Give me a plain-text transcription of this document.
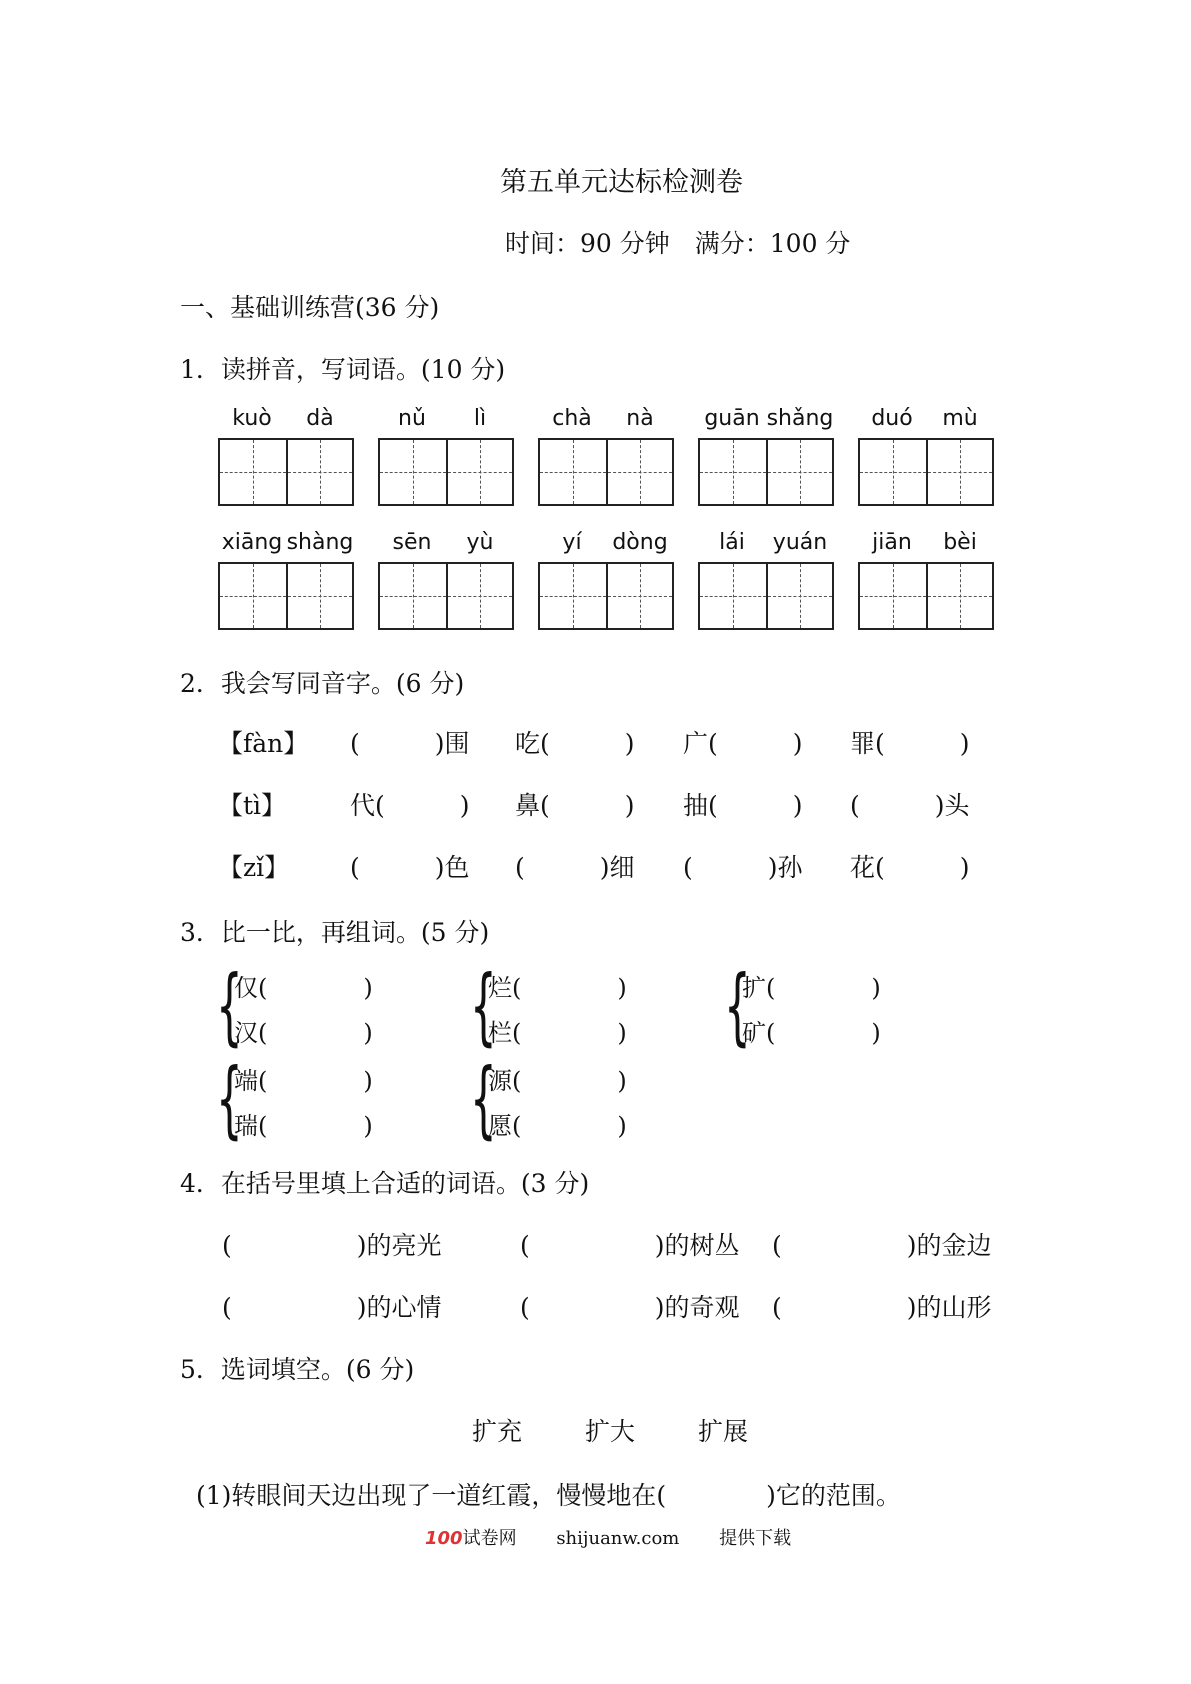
第五单元达标检测卷
时间：90 分钟　满分：100 分
一、基础训练营(36 分)
1．读拼音，写词语。(10 分)
kuò	dà	nǔ	lì	chà	nà	guān shǎng	duó	mù
xiāng shàng	sēn	yù	yí	dòng	lái	yuán	jiān	bèi
2．我会写同音字。(6 分)
【fàn】 (　　　)围 吃(　　　) 广(　　　) 罪(　　　)
【tì】	代(　　　) 鼻(　　　) 抽(　　　) (　　　)头
【zǐ】 (　　　)色 (　　　)细 (　　　)孙 花(　　　)
3．比一比，再组词。(5 分)
{
仅(　　　　)
汉(　　　　) {
烂(　　　　)
栏(　　　　) {
扩(　　　　)
矿(　　　　)
{
端(　　　　)
瑞(　　　　) {
源(　　　　)
愿(　　　　)
4．在括号里填上合适的词语。(3 分)
(　　　　　)的亮光	(　　　　　)的树丛 (　　　　　)的金边
(　　　　　)的心情	(　　　　　)的奇观 (　　　　　)的山形
5．选词填空。(6 分)
扩充	扩大	扩展
(1)转眼间天边出现了一道红霞，慢慢地在(　　　　)它的范围。
100试卷网 shijuanw.com 提供下载
